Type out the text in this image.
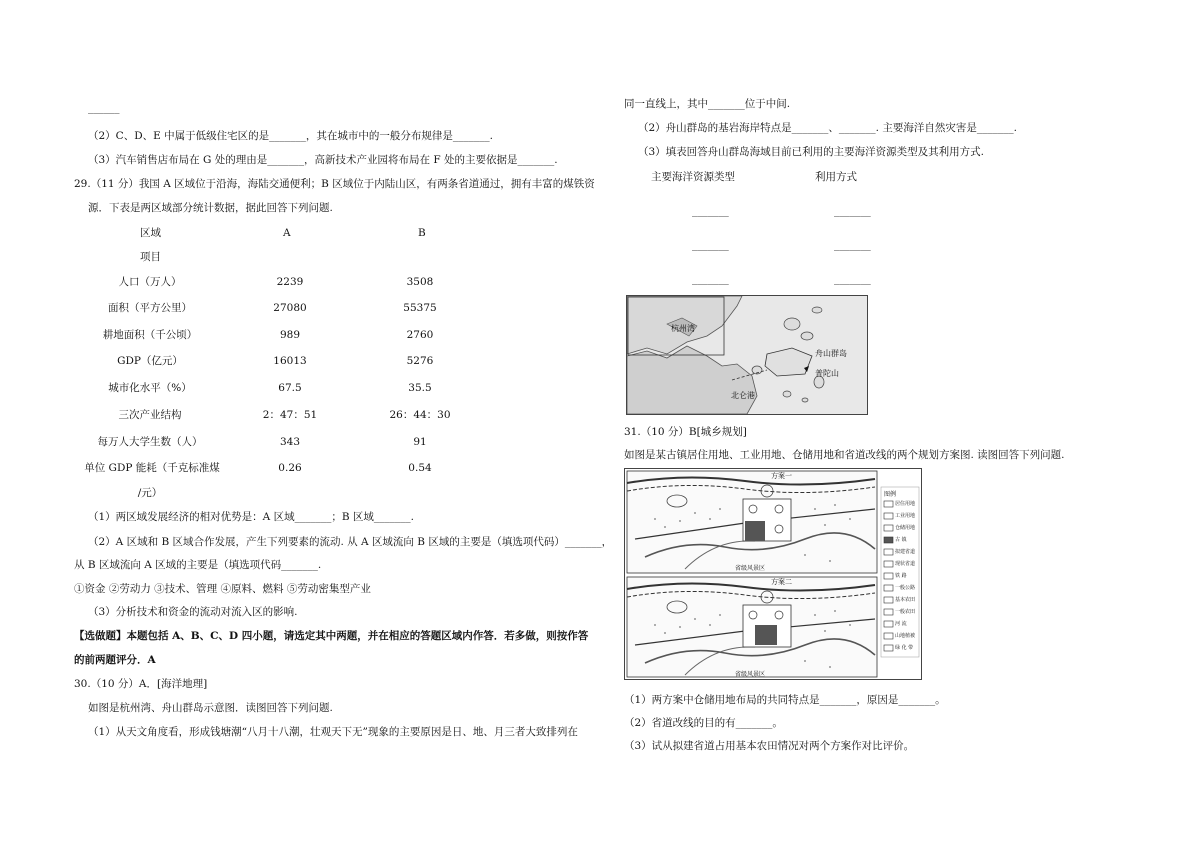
______
（2）C、D、E 中属于低级住宅区的是_______，其在城市中的一般分布规律是_______.
（3）汽车销售店布局在 G 处的理由是_______，高新技术产业园将布局在 F 处的主要依据是_______.
29.（11 分）我国 A 区域位于沿海，海陆交通便利；B 区域位于内陆山区，有两条省道通过，拥有丰富的煤铁资
源．下表是两区域部分统计数据，据此回答下列问题.
区域
项目
A	B
人口（万人）	2239	3508
面积（平方公里）	27080	55375
耕地面积（千公顷）	989	2760
GDP（亿元）	16013	5276
城市化水平（%）	67.5	35.5
三次产业结构	2：47：51	26：44：30
每万人大学生数（人）	343	91
单位 GDP 能耗（千克标准煤	0.26	0.54
/元）
（1）两区域发展经济的相对优势是：A 区域_______；B 区域_______.
（2）A 区域和 B 区域合作发展，产生下列要素的流动. 从 A 区域流向 B 区域的主要是（填选项代码）_______，
从 B 区域流向 A 区域的主要是（填选项代码_______.
①资金 ②劳动力 ③技术、管理 ④原料、燃料 ⑤劳动密集型产业
（3）分析技术和资金的流动对流入区的影响.
【选做题】本题包括 A、B、C、D 四小题，请选定其中两题，并在相应的答题区域内作答．若多做，则按作答
的前两题评分．A
30.（10 分）A．[海洋地理]
如图是杭州湾、舟山群岛示意图．读图回答下列问题.
（1）从天文角度看，形成钱塘潮“八月十八潮，壮观天下无”现象的主要原因是日、地、月三者大致排列在
同一直线上，其中_______位于中间.
（2）舟山群岛的基岩海岸特点是_______、_______. 主要海洋自然灾害是_______.
（3）填表回答舟山群岛海域目前已利用的主要海洋资源类型及其利用方式.
主要海洋资源类型	利用方式
_______	_______
_______	_______
_______	_______
杭州湾
舟山群岛
普陀山
北仑港
31.（10 分）B[城乡规划]
如图是某古镇居住用地、工业用地、仓储用地和省道改线的两个规划方案图. 读图回答下列问题.
方案一
方案二
省级风景区
省级风景区
图例
居住用地
工业用地
仓储用地
古 镇
拟建省道
现状省道
铁 路
一般公路
基本农田
一般农田
河 流
山地植被
绿 化 带
（1）两方案中仓储用地布局的共同特点是_______，原因是_______。
（2）省道改线的目的有_______。
（3）试从拟建省道占用基本农田情况对两个方案作对比评价。
